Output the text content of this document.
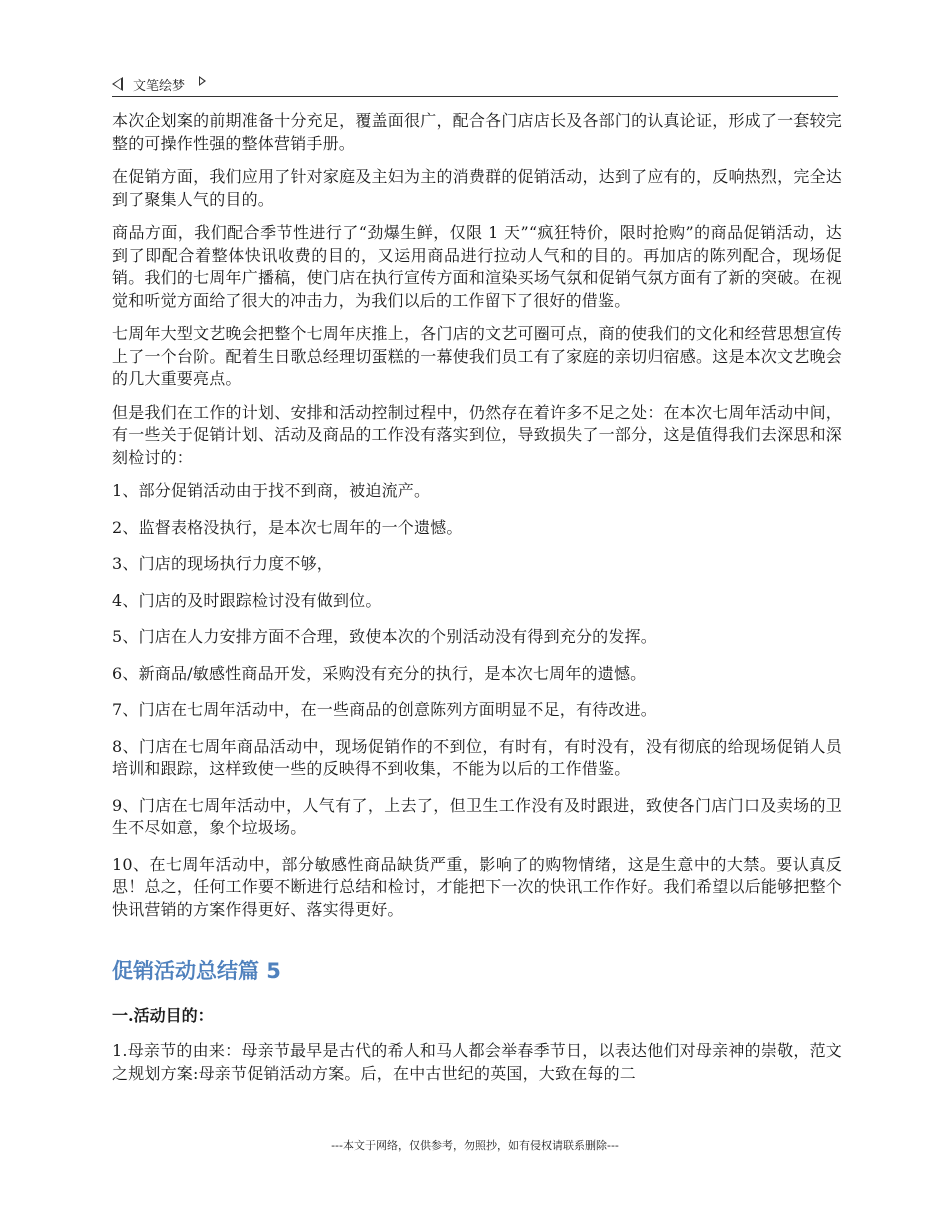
文笔绘梦

本次企划案的前期准备十分充足，覆盖面很广，配合各门店店长及各部门的认真论证，形成了一套较完整的可操作性强的整体营销手册。

在促销方面，我们应用了针对家庭及主妇为主的消费群的促销活动，达到了应有的，反响热烈，完全达到了聚集人气的目的。

商品方面，我们配合季节性进行了“劲爆生鲜，仅限 1 天”“疯狂特价，限时抢购”的商品促销活动，达到了即配合着整体快讯收费的目的，又运用商品进行拉动人气和的目的。再加店的陈列配合，现场促销。我们的七周年广播稿，使门店在执行宣传方面和渲染买场气氛和促销气氛方面有了新的突破。在视觉和听觉方面给了很大的冲击力，为我们以后的工作留下了很好的借鉴。

七周年大型文艺晚会把整个七周年庆推上，各门店的文艺可圈可点，商的使我们的文化和经营思想宣传上了一个台阶。配着生日歌总经理切蛋糕的一幕使我们员工有了家庭的亲切归宿感。这是本次文艺晚会的几大重要亮点。

但是我们在工作的计划、安排和活动控制过程中，仍然存在着许多不足之处：在本次七周年活动中间，有一些关于促销计划、活动及商品的工作没有落实到位，导致损失了一部分，这是值得我们去深思和深刻检讨的：

1、部分促销活动由于找不到商，被迫流产。

2、监督表格没执行，是本次七周年的一个遗憾。

3、门店的现场执行力度不够，

4、门店的及时跟踪检讨没有做到位。

5、门店在人力安排方面不合理，致使本次的个别活动没有得到充分的发挥。

6、新商品/敏感性商品开发，采购没有充分的执行，是本次七周年的遗憾。

7、门店在七周年活动中，在一些商品的创意陈列方面明显不足，有待改进。

8、门店在七周年商品活动中，现场促销作的不到位，有时有，有时没有，没有彻底的给现场促销人员培训和跟踪，这样致使一些的反映得不到收集，不能为以后的工作借鉴。

9、门店在七周年活动中，人气有了，上去了，但卫生工作没有及时跟进，致使各门店门口及卖场的卫生不尽如意，象个垃圾场。

10、在七周年活动中，部分敏感性商品缺货严重，影响了的购物情绪，这是生意中的大禁。要认真反思！总之，任何工作要不断进行总结和检讨，才能把下一次的快讯工作作好。我们希望以后能够把整个快讯营销的方案作得更好、落实得更好。

促销活动总结篇 5
一.活动目的：

1.母亲节的由来：母亲节最早是古代的希人和马人都会举春季节日，以表达他们对母亲神的崇敬，范文之规划方案:母亲节促销活动方案。后，在中古世纪的英国，大致在每的二

---本文于网络，仅供参考，勿照抄，如有侵权请联系删除---
